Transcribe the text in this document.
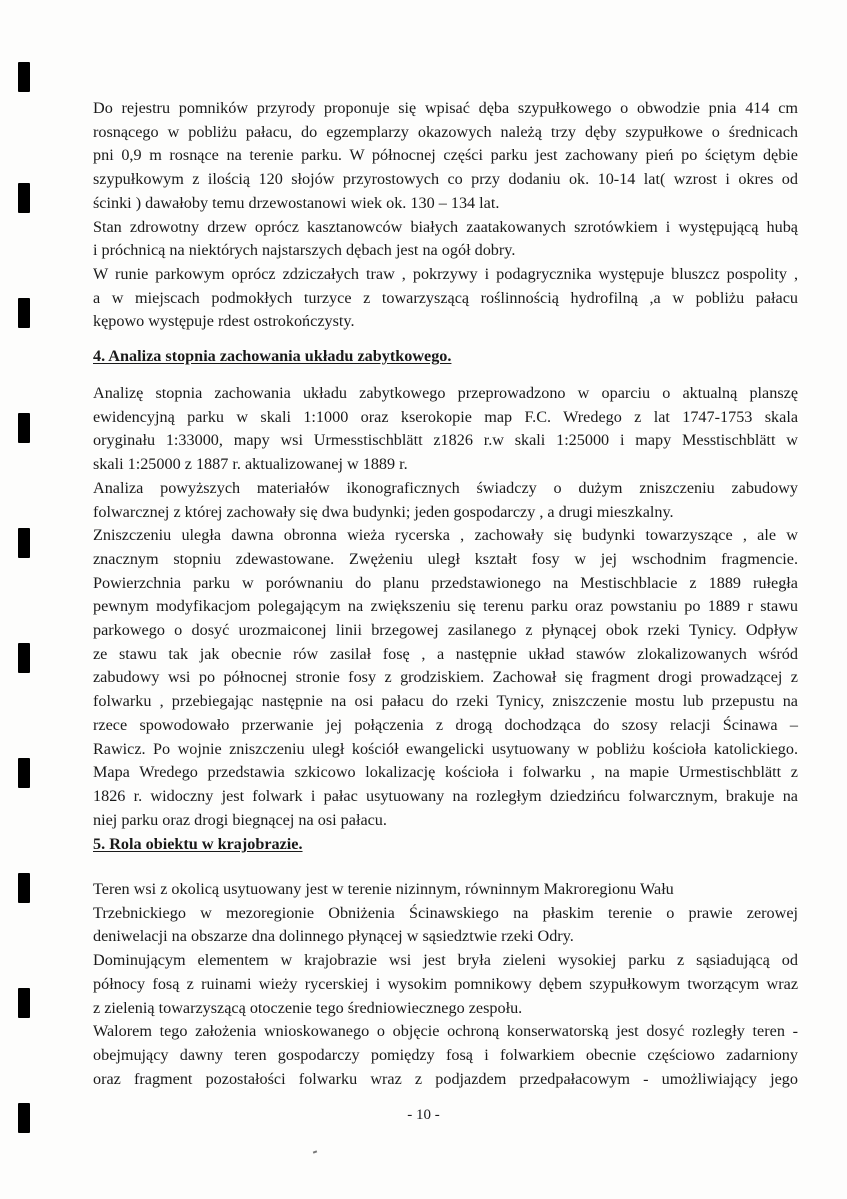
Do rejestru pomników przyrody proponuje się wpisać dęba szypułkowego o obwodzie pnia 414 cm

rosnącego w pobliżu pałacu, do egzemplarzy okazowych należą trzy dęby szypułkowe o średnicach

pni 0,9 m rosnące na terenie parku. W północnej części parku jest zachowany pień po ściętym dębie

szypułkowym z ilością 120 słojów przyrostowych co przy dodaniu ok. 10-14 lat( wzrost i okres od

ścinki ) dawałoby temu drzewostanowi wiek ok. 130 – 134 lat.

Stan zdrowotny drzew oprócz kasztanowców białych zaatakowanych szrotówkiem i występującą hubą

i próchnicą na niektórych najstarszych dębach jest na ogół dobry.

W runie parkowym oprócz zdziczałych traw , pokrzywy i podagrycznika występuje bluszcz pospolity ,

a w miejscach podmokłych turzyce z towarzyszącą roślinnością hydrofilną ,a w pobliżu pałacu

kępowo występuje rdest ostrokończysty.

4. Analiza stopnia zachowania układu zabytkowego.

Analizę stopnia zachowania układu zabytkowego przeprowadzono w oparciu o aktualną planszę

ewidencyjną parku w skali 1:1000 oraz kserokopie map F.C. Wredego z lat 1747-1753 skala

oryginału 1:33000, mapy wsi Urmesstischblätt z1826 r.w skali 1:25000 i mapy Messtischblätt w

skali 1:25000 z 1887 r. aktualizowanej w 1889 r.

Analiza powyższych materiałów ikonograficznych świadczy o dużym zniszczeniu zabudowy

folwarcznej z której zachowały się dwa budynki; jeden gospodarczy , a drugi mieszkalny.

Zniszczeniu uległa dawna obronna wieża rycerska , zachowały się budynki towarzyszące , ale w

znacznym stopniu zdewastowane. Zwężeniu uległ kształt fosy w jej wschodnim fragmencie.

Powierzchnia parku w porównaniu do planu przedstawionego na Mestischblacie z 1889 rułegła

pewnym modyfikacjom polegającym na zwiększeniu się terenu parku oraz powstaniu po 1889 r stawu

parkowego o dosyć urozmaiconej linii brzegowej zasilanego z płynącej obok rzeki Tynicy. Odpływ

ze stawu tak jak obecnie rów zasilał fosę , a następnie układ stawów zlokalizowanych wśród

zabudowy wsi po północnej stronie fosy z grodziskiem. Zachował się fragment drogi prowadzącej z

folwarku , przebiegając następnie na osi pałacu do rzeki Tynicy, zniszczenie mostu lub przepustu na

rzece spowodowało przerwanie jej połączenia z drogą dochodząca do szosy relacji Ścinawa –

Rawicz. Po wojnie zniszczeniu uległ kościół ewangelicki usytuowany w pobliżu kościoła katolickiego.

Mapa Wredego przedstawia szkicowo lokalizację kościoła i folwarku , na mapie Urmestischblätt z

1826 r. widoczny jest folwark i pałac usytuowany na rozległym dziedzińcu folwarcznym, brakuje na

niej parku oraz drogi biegnącej na osi pałacu.

5. Rola obiektu w krajobrazie.

Teren wsi z okolicą usytuowany jest w terenie nizinnym, równinnym Makroregionu Wału

Trzebnickiego w mezoregionie Obniżenia Ścinawskiego na płaskim terenie o prawie zerowej

deniwelacji na obszarze dna dolinnego płynącej w sąsiedztwie rzeki Odry.

Dominującym elementem w krajobrazie wsi jest bryła zieleni wysokiej parku z sąsiadującą od

północy fosą z ruinami wieży rycerskiej i wysokim pomnikowy dębem szypułkowym tworzącym wraz

z zielenią towarzyszącą otoczenie tego średniowiecznego zespołu.

Walorem tego założenia wnioskowanego o objęcie ochroną konserwatorską jest dosyć rozległy teren -

obejmujący dawny teren gospodarczy pomiędzy fosą i folwarkiem obecnie częściowo zadarniony

oraz fragment pozostałości folwarku wraz z podjazdem przedpałacowym - umożliwiający jego

- 10 -
